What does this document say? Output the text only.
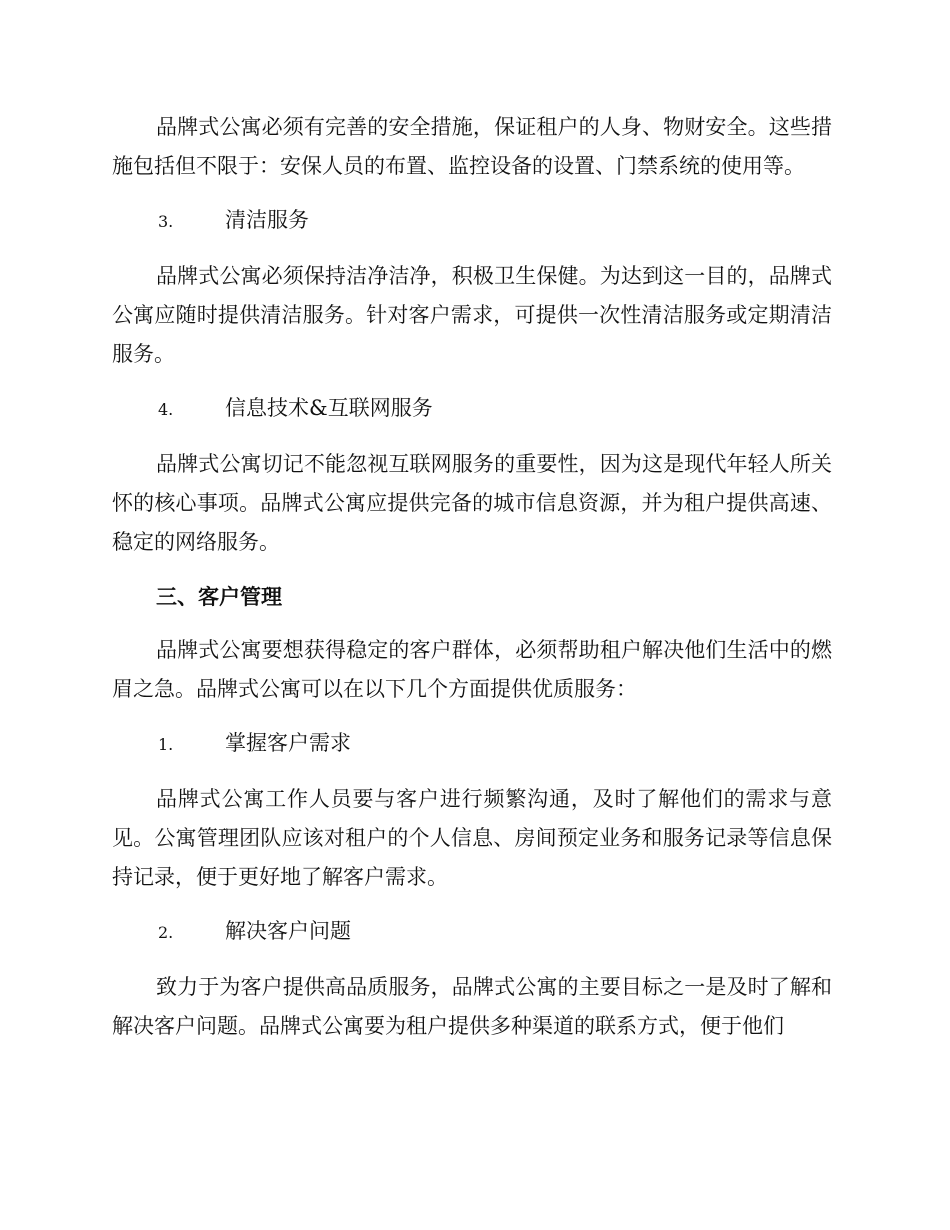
品牌式公寓必须有完善的安全措施，保证租户的人身、物财安全。这些措施包括但不限于：安保人员的布置、监控设备的设置、门禁系统的使用等。

3.	清洁服务

品牌式公寓必须保持洁净洁净，积极卫生保健。为达到这一目的，品牌式公寓应随时提供清洁服务。针对客户需求，可提供一次性清洁服务或定期清洁服务。

4.	信息技术&互联网服务

品牌式公寓切记不能忽视互联网服务的重要性，因为这是现代年轻人所关怀的核心事项。品牌式公寓应提供完备的城市信息资源，并为租户提供高速、稳定的网络服务。

三、客户管理

品牌式公寓要想获得稳定的客户群体，必须帮助租户解决他们生活中的燃眉之急。品牌式公寓可以在以下几个方面提供优质服务：

1.	掌握客户需求

品牌式公寓工作人员要与客户进行频繁沟通，及时了解他们的需求与意见。公寓管理团队应该对租户的个人信息、房间预定业务和服务记录等信息保持记录，便于更好地了解客户需求。

2.	解决客户问题

致力于为客户提供高品质服务，品牌式公寓的主要目标之一是及时了解和解决客户问题。品牌式公寓要为租户提供多种渠道的联系方式，便于他们
